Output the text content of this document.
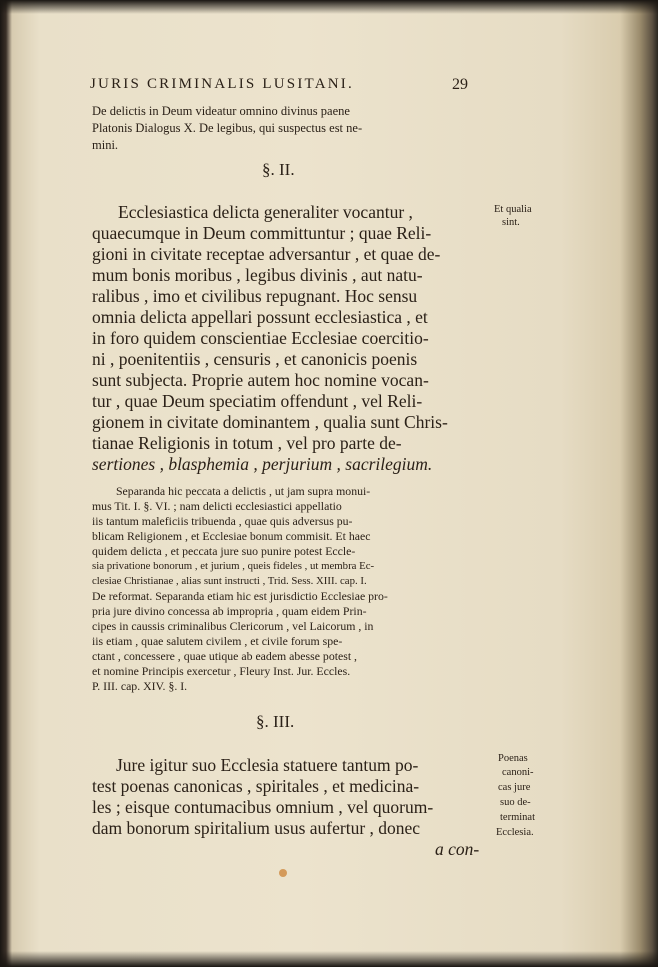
JURIS CRIMINALIS LUSITANI.	29

De delictis in Deum videatur omnino divinus paene

Platonis Dialogus X. De legibus, qui suspectus est ne-

mini.

§. II.

Et qualia

sint.

Ecclesiastica delicta generaliter vocantur ,

quaecumque in Deum committuntur ; quae Reli-

gioni in civitate receptae adversantur , et quae de-

mum bonis moribus , legibus divinis , aut natu-

ralibus , imo et civilibus repugnant. Hoc sensu

omnia delicta appellari possunt ecclesiastica , et

in foro quidem conscientiae Ecclesiae coercitio-

ni , poenitentiis , censuris , et canonicis poenis

sunt subjecta. Proprie autem hoc nomine vocan-

tur , quae Deum speciatim offendunt , vel Reli-

gionem in civitate dominantem , qualia sunt Chris-

tianae Religionis in totum , vel pro parte de-

sertiones , blasphemia , perjurium , sacrilegium.

Separanda hic peccata a delictis , ut jam supra monui-

mus Tit. I. §. VI. ; nam delicti ecclesiastici appellatio

iis tantum maleficiis tribuenda , quae quis adversus pu-

blicam Religionem , et Ecclesiae bonum commisit. Et haec

quidem delicta , et peccata jure suo punire potest Eccle-

sia privatione bonorum , et jurium , queis fideles , ut membra Ec-

clesiae Christianae , alias sunt instructi , Trid. Sess. XIII. cap. I.

De reformat. Separanda etiam hic est jurisdictio Ecclesiae pro-

pria jure divino concessa ab impropria , quam eidem Prin-

cipes in caussis criminalibus Clericorum , vel Laicorum , in

iis etiam , quae salutem civilem , et civile forum spe-

ctant , concessere , quae utique ab eadem abesse potest ,

et nomine Principis exercetur , Fleury Inst. Jur. Eccles.

P. III. cap. XIV. §. I.

§. III.

Poenas

canoni-

cas jure

suo de-

terminat

Ecclesia.

Jure igitur suo Ecclesia statuere tantum po-

test poenas canonicas , spiritales , et medicina-

les ; eisque contumacibus omnium , vel quorum-

dam bonorum spiritalium usus aufertur , donec

a con-
